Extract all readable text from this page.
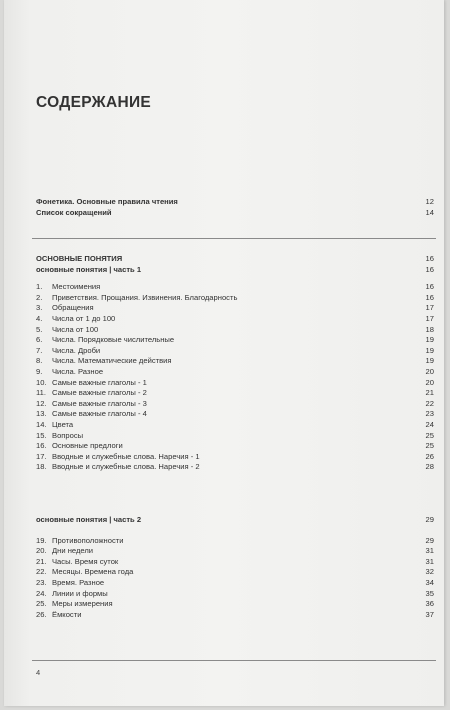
СОДЕРЖАНИЕ
Фонетика. Основные правила чтения	12
Список сокращений	14
ОСНОВНЫЕ ПОНЯТИЯ	16
основные понятия | часть 1	16
1. Местоимения	16
2. Приветствия. Прощания. Извинения. Благодарность	16
3. Обращения	17
4. Числа от 1 до 100	17
5. Числа от 100	18
6. Числа. Порядковые числительные	19
7. Числа. Дроби	19
8. Числа. Математические действия	19
9. Числа. Разное	20
10. Самые важные глаголы - 1	20
11. Самые важные глаголы - 2	21
12. Самые важные глаголы - 3	22
13. Самые важные глаголы - 4	23
14. Цвета	24
15. Вопросы	25
16. Основные предлоги	25
17. Вводные и служебные слова. Наречия - 1	26
18. Вводные и служебные слова. Наречия - 2	28
основные понятия | часть 2	29
19. Противоположности	29
20. Дни недели	31
21. Часы. Время суток	31
22. Месяцы. Времена года	32
23. Время. Разное	34
24. Линии и формы	35
25. Меры измерения	36
26. Ёмкости	37
4
